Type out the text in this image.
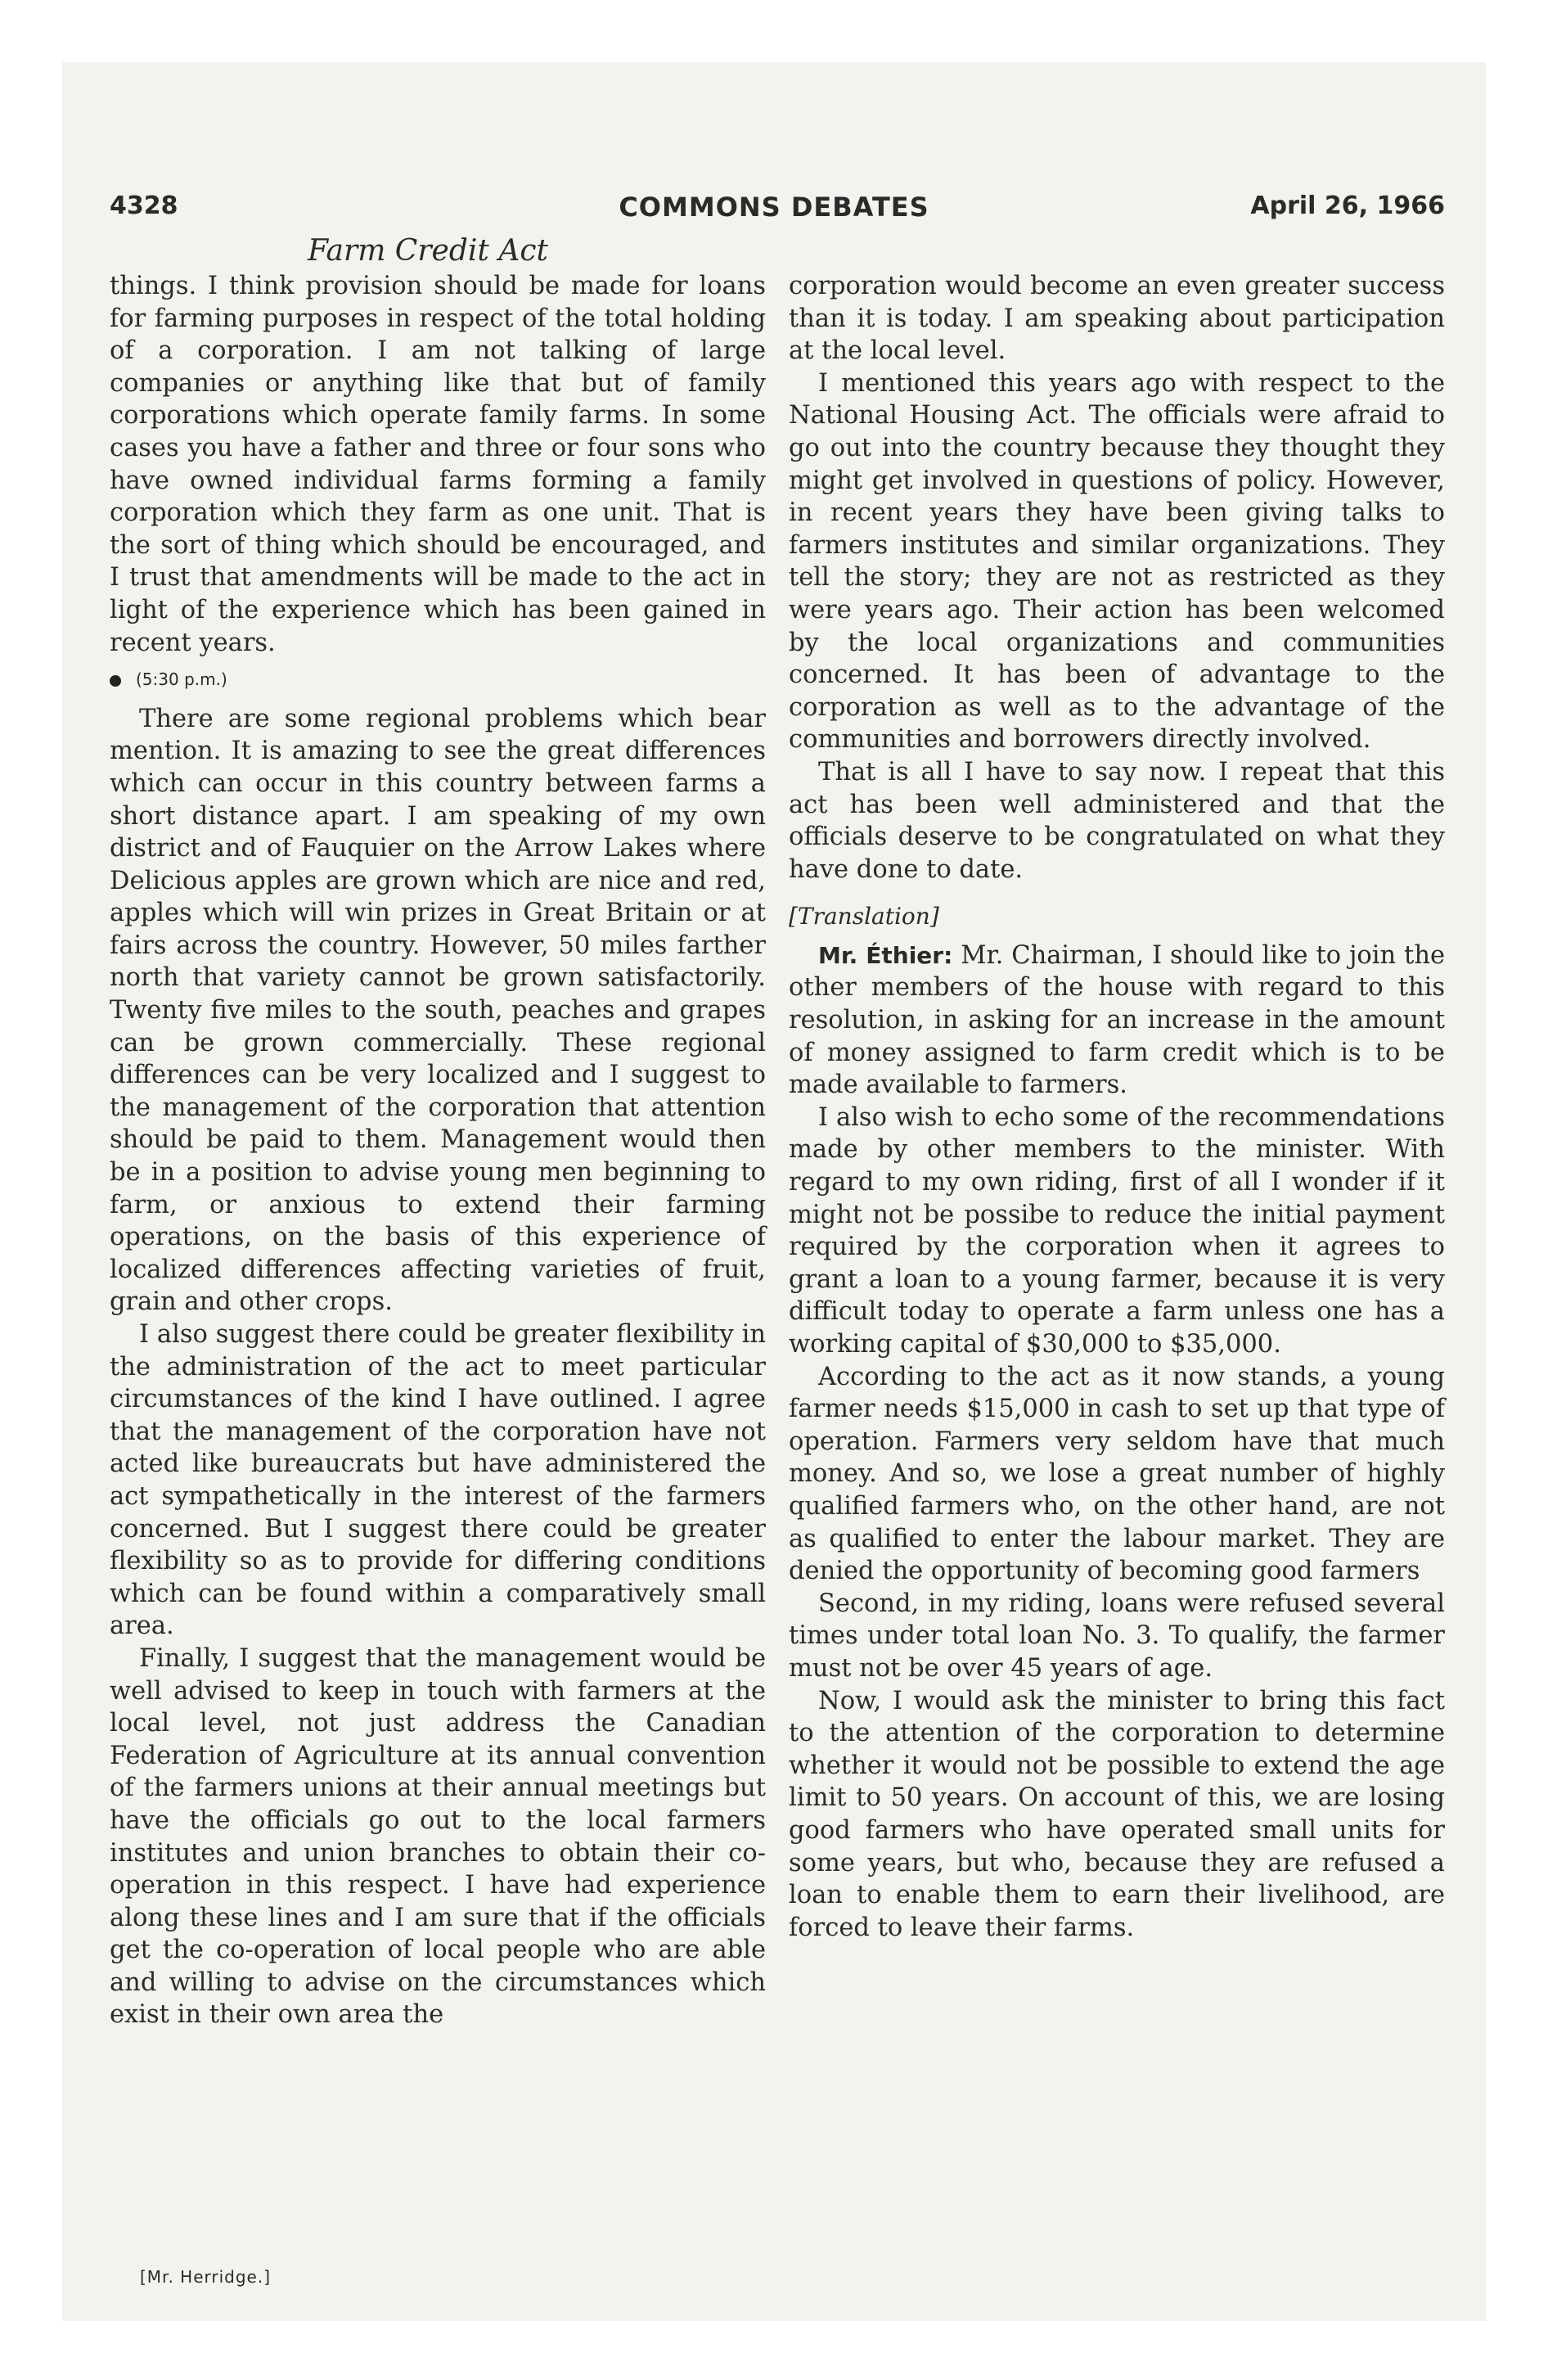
4328	COMMONS DEBATES	April 26, 1966
Farm Credit Act

things. I think provision should be made for loans for farming purposes in respect of the total holding of a corporation. I am not talking of large companies or anything like that but of family corporations which operate family farms. In some cases you have a father and three or four sons who have owned individual farms forming a family corporation which they farm as one unit. That is the sort of thing which should be encouraged, and I trust that amendments will be made to the act in light of the experience which has been gained in recent years.

(5:30 p.m.)

There are some regional problems which bear mention. It is amazing to see the great differences which can occur in this country between farms a short distance apart. I am speaking of my own district and of Fauquier on the Arrow Lakes where Delicious apples are grown which are nice and red, apples which will win prizes in Great Britain or at fairs across the country. However, 50 miles farther north that variety cannot be grown satisfactorily. Twenty five miles to the south, peaches and grapes can be grown commercially. These regional differences can be very localized and I suggest to the management of the corporation that attention should be paid to them. Management would then be in a position to advise young men beginning to farm, or anxious to extend their farming operations, on the basis of this experience of localized differences affecting varieties of fruit, grain and other crops.

I also suggest there could be greater flexibility in the administration of the act to meet particular circumstances of the kind I have outlined. I agree that the management of the corporation have not acted like bureaucrats but have administered the act sympathetically in the interest of the farmers concerned. But I suggest there could be greater flexibility so as to provide for differing conditions which can be found within a comparatively small area.

Finally, I suggest that the management would be well advised to keep in touch with farmers at the local level, not just address the Canadian Federation of Agriculture at its annual convention of the farmers unions at their annual meetings but have the officials go out to the local farmers institutes and union branches to obtain their co-operation in this respect. I have had experience along these lines and I am sure that if the officials get the co-operation of local people who are able and willing to advise on the circumstances which exist in their own area the

corporation would become an even greater success than it is today. I am speaking about participation at the local level.

I mentioned this years ago with respect to the National Housing Act. The officials were afraid to go out into the country because they thought they might get involved in questions of policy. However, in recent years they have been giving talks to farmers institutes and similar organizations. They tell the story; they are not as restricted as they were years ago. Their action has been welcomed by the local organizations and communities concerned. It has been of advantage to the corporation as well as to the advantage of the communities and borrowers directly involved.

That is all I have to say now. I repeat that this act has been well administered and that the officials deserve to be congratulated on what they have done to date.

[Translation]

Mr. Éthier: Mr. Chairman, I should like to join the other members of the house with regard to this resolution, in asking for an increase in the amount of money assigned to farm credit which is to be made available to farmers.

I also wish to echo some of the recommendations made by other members to the minister. With regard to my own riding, first of all I wonder if it might not be possibe to reduce the initial payment required by the corporation when it agrees to grant a loan to a young farmer, because it is very difficult today to operate a farm unless one has a working capital of $30,000 to $35,000.

According to the act as it now stands, a young farmer needs $15,000 in cash to set up that type of operation. Farmers very seldom have that much money. And so, we lose a great number of highly qualified farmers who, on the other hand, are not as qualified to enter the labour market. They are denied the opportunity of becoming good farmers

Second, in my riding, loans were refused several times under total loan No. 3. To qualify, the farmer must not be over 45 years of age.

Now, I would ask the minister to bring this fact to the attention of the corporation to determine whether it would not be possible to extend the age limit to 50 years. On account of this, we are losing good farmers who have operated small units for some years, but who, because they are refused a loan to enable them to earn their livelihood, are forced to leave their farms.

[Mr. Herridge.]
